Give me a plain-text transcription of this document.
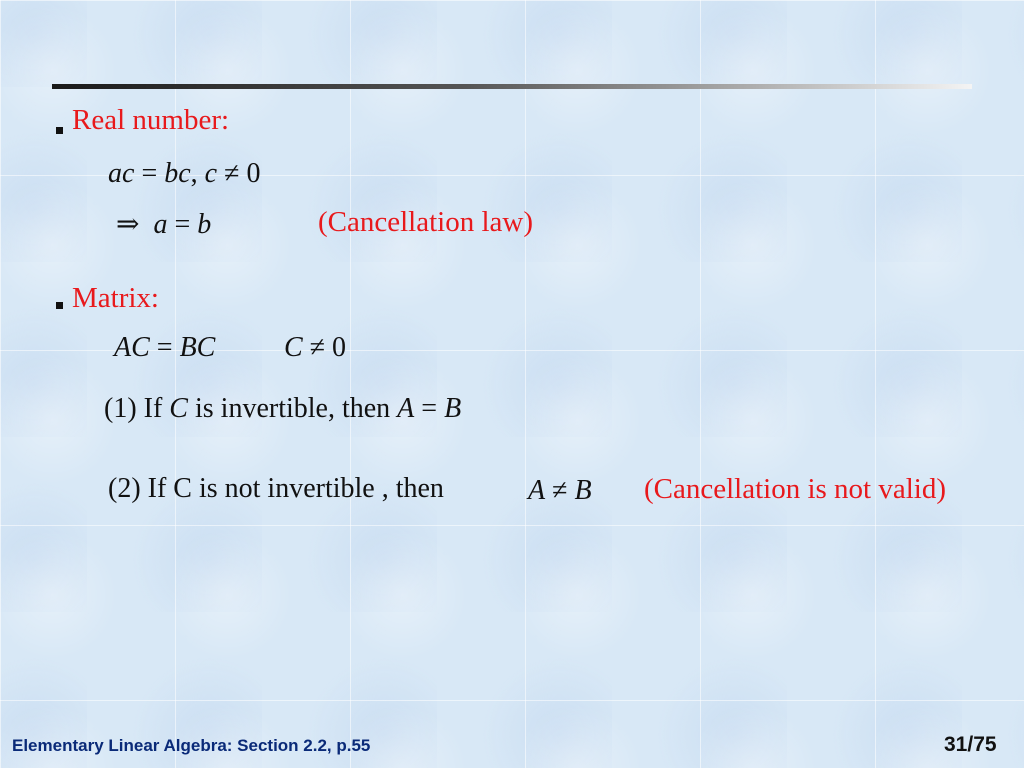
Real number:
ac = bc, c ≠ 0
⇒ a = b	(Cancellation law)
Matrix:
AC = BC C ≠ 0
(1) If C is invertible, then A = B
(2) If C is not invertible , then	A ≠ B (Cancellation is not valid)
Elementary Linear Algebra: Section 2.2, p.55	31/75
